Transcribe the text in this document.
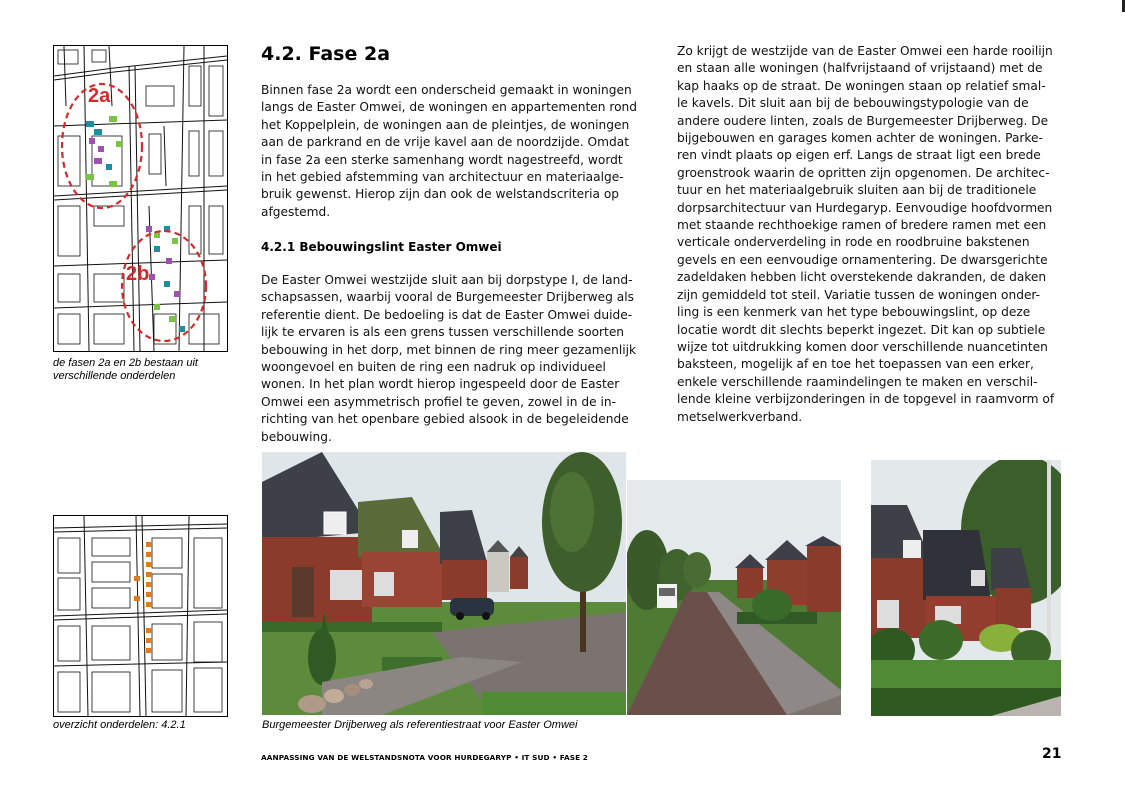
2a
2b
de fasen 2a en 2b bestaan uit
verschillende onderdelen
overzicht onderdelen: 4.2.1
4.2. Fase 2a
Binnen fase 2a wordt een onderscheid gemaakt in woningen
langs de Easter Omwei, de woningen en appartementen rond
het Koppelplein, de woningen aan de pleintjes, de woningen
aan de parkrand en de vrije kavel aan de noordzijde. Omdat
in fase 2a een sterke samenhang wordt nagestreefd, wordt
in het gebied afstemming van architectuur en materiaalge-
bruik gewenst. Hierop zijn dan ook de welstandscriteria op
afgestemd.
4.2.1 Bebouwingslint Easter Omwei
De Easter Omwei westzijde sluit aan bij dorpstype I, de land-
schapsassen, waarbij vooral de Burgemeester Drijberweg als
referentie dient. De bedoeling is dat de Easter Omwei duide-
lijk te ervaren is als een grens tussen verschillende soorten
bebouwing in het dorp, met binnen de ring meer gezamenlijk
woongevoel en buiten de ring een nadruk op individueel
wonen. In het plan wordt hierop ingespeeld door de Easter
Omwei een asymmetrisch profiel te geven, zowel in de in-
richting van het openbare gebied alsook in de begeleidende
bebouwing.
Zo krijgt de westzijde van de Easter Omwei een harde rooilijn
en staan alle woningen (halfvrijstaand of vrijstaand) met de
kap haaks op de straat. De woningen staan op relatief smal-
le kavels. Dit sluit aan bij de bebouwingstypologie van de
andere oudere linten, zoals de Burgemeester Drijberweg. De
bijgebouwen en garages komen achter de woningen. Parke-
ren vindt plaats op eigen erf. Langs de straat ligt een brede
groenstrook waarin de opritten zijn opgenomen. De architec-
tuur en het materiaalgebruik sluiten aan bij de traditionele
dorpsarchitectuur van Hurdegaryp. Eenvoudige hoofdvormen
met staande rechthoekige ramen of bredere ramen met een
verticale onderverdeling in rode en roodbruine bakstenen
gevels en een eenvoudige ornamentering. De dwarsgerichte
zadeldaken hebben licht overstekende dakranden, de daken
zijn gemiddeld tot steil. Variatie tussen de woningen onder-
ling is een kenmerk van het type bebouwingslint, op deze
locatie wordt dit slechts beperkt ingezet. Dit kan op subtiele
wijze tot uitdrukking komen door verschillende nuancetinten
baksteen, mogelijk af en toe het toepassen van een erker,
enkele verschillende raamindelingen te maken en verschil-
lende kleine verbijzonderingen in de topgevel in raamvorm of
metselwerkverband.
Burgemeester Drijberweg als referentiestraat voor Easter Omwei
AANPASSING VAN DE WELSTANDSNOTA VOOR HURDEGARYP • IT SUD • FASE 2	21
